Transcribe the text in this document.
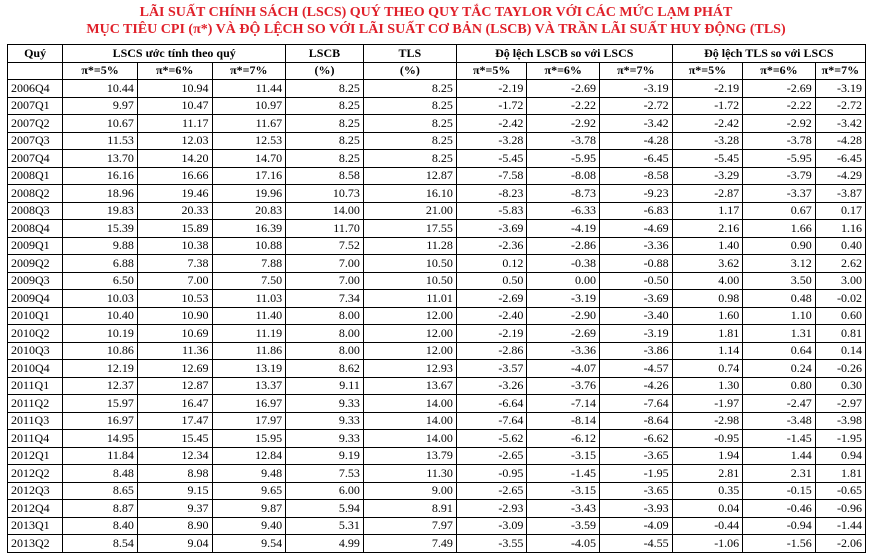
LÃI SUẤT CHÍNH SÁCH (LSCS) QUÝ THEO QUY TẮC TAYLOR VỚI CÁC MỨC LẠM PHÁT
MỤC TIÊU CPI (π*) VÀ ĐỘ LỆCH SO VỚI LÃI SUẤT CƠ BẢN (LSCB) VÀ TRẦN LÃI SUẤT HUY ĐỘNG (TLS)
Quý	LSCS ước tính theo quý			LSCB	TLS	Độ lệch LSCB so với LSCS			Độ lệch TLS so với LSCS		
	π*=5%	π*=6%	π*=7%	(%)	(%)	π*=5%	π*=6%	π*=7%	π*=5%	π*=6%	π*=7%
2006Q4	10.44	10.94	11.44	8.25	8.25	-2.19	-2.69	-3.19	-2.19	-2.69	-3.19
2007Q1	9.97	10.47	10.97	8.25	8.25	-1.72	-2.22	-2.72	-1.72	-2.22	-2.72
2007Q2	10.67	11.17	11.67	8.25	8.25	-2.42	-2.92	-3.42	-2.42	-2.92	-3.42
2007Q3	11.53	12.03	12.53	8.25	8.25	-3.28	-3.78	-4.28	-3.28	-3.78	-4.28
2007Q4	13.70	14.20	14.70	8.25	8.25	-5.45	-5.95	-6.45	-5.45	-5.95	-6.45
2008Q1	16.16	16.66	17.16	8.58	12.87	-7.58	-8.08	-8.58	-3.29	-3.79	-4.29
2008Q2	18.96	19.46	19.96	10.73	16.10	-8.23	-8.73	-9.23	-2.87	-3.37	-3.87
2008Q3	19.83	20.33	20.83	14.00	21.00	-5.83	-6.33	-6.83	1.17	0.67	0.17
2008Q4	15.39	15.89	16.39	11.70	17.55	-3.69	-4.19	-4.69	2.16	1.66	1.16
2009Q1	9.88	10.38	10.88	7.52	11.28	-2.36	-2.86	-3.36	1.40	0.90	0.40
2009Q2	6.88	7.38	7.88	7.00	10.50	0.12	-0.38	-0.88	3.62	3.12	2.62
2009Q3	6.50	7.00	7.50	7.00	10.50	0.50	0.00	-0.50	4.00	3.50	3.00
2009Q4	10.03	10.53	11.03	7.34	11.01	-2.69	-3.19	-3.69	0.98	0.48	-0.02
2010Q1	10.40	10.90	11.40	8.00	12.00	-2.40	-2.90	-3.40	1.60	1.10	0.60
2010Q2	10.19	10.69	11.19	8.00	12.00	-2.19	-2.69	-3.19	1.81	1.31	0.81
2010Q3	10.86	11.36	11.86	8.00	12.00	-2.86	-3.36	-3.86	1.14	0.64	0.14
2010Q4	12.19	12.69	13.19	8.62	12.93	-3.57	-4.07	-4.57	0.74	0.24	-0.26
2011Q1	12.37	12.87	13.37	9.11	13.67	-3.26	-3.76	-4.26	1.30	0.80	0.30
2011Q2	15.97	16.47	16.97	9.33	14.00	-6.64	-7.14	-7.64	-1.97	-2.47	-2.97
2011Q3	16.97	17.47	17.97	9.33	14.00	-7.64	-8.14	-8.64	-2.98	-3.48	-3.98
2011Q4	14.95	15.45	15.95	9.33	14.00	-5.62	-6.12	-6.62	-0.95	-1.45	-1.95
2012Q1	11.84	12.34	12.84	9.19	13.79	-2.65	-3.15	-3.65	1.94	1.44	0.94
2012Q2	8.48	8.98	9.48	7.53	11.30	-0.95	-1.45	-1.95	2.81	2.31	1.81
2012Q3	8.65	9.15	9.65	6.00	9.00	-2.65	-3.15	-3.65	0.35	-0.15	-0.65
2012Q4	8.87	9.37	9.87	5.94	8.91	-2.93	-3.43	-3.93	0.04	-0.46	-0.96
2013Q1	8.40	8.90	9.40	5.31	7.97	-3.09	-3.59	-4.09	-0.44	-0.94	-1.44
2013Q2	8.54	9.04	9.54	4.99	7.49	-3.55	-4.05	-4.55	-1.06	-1.56	-2.06
